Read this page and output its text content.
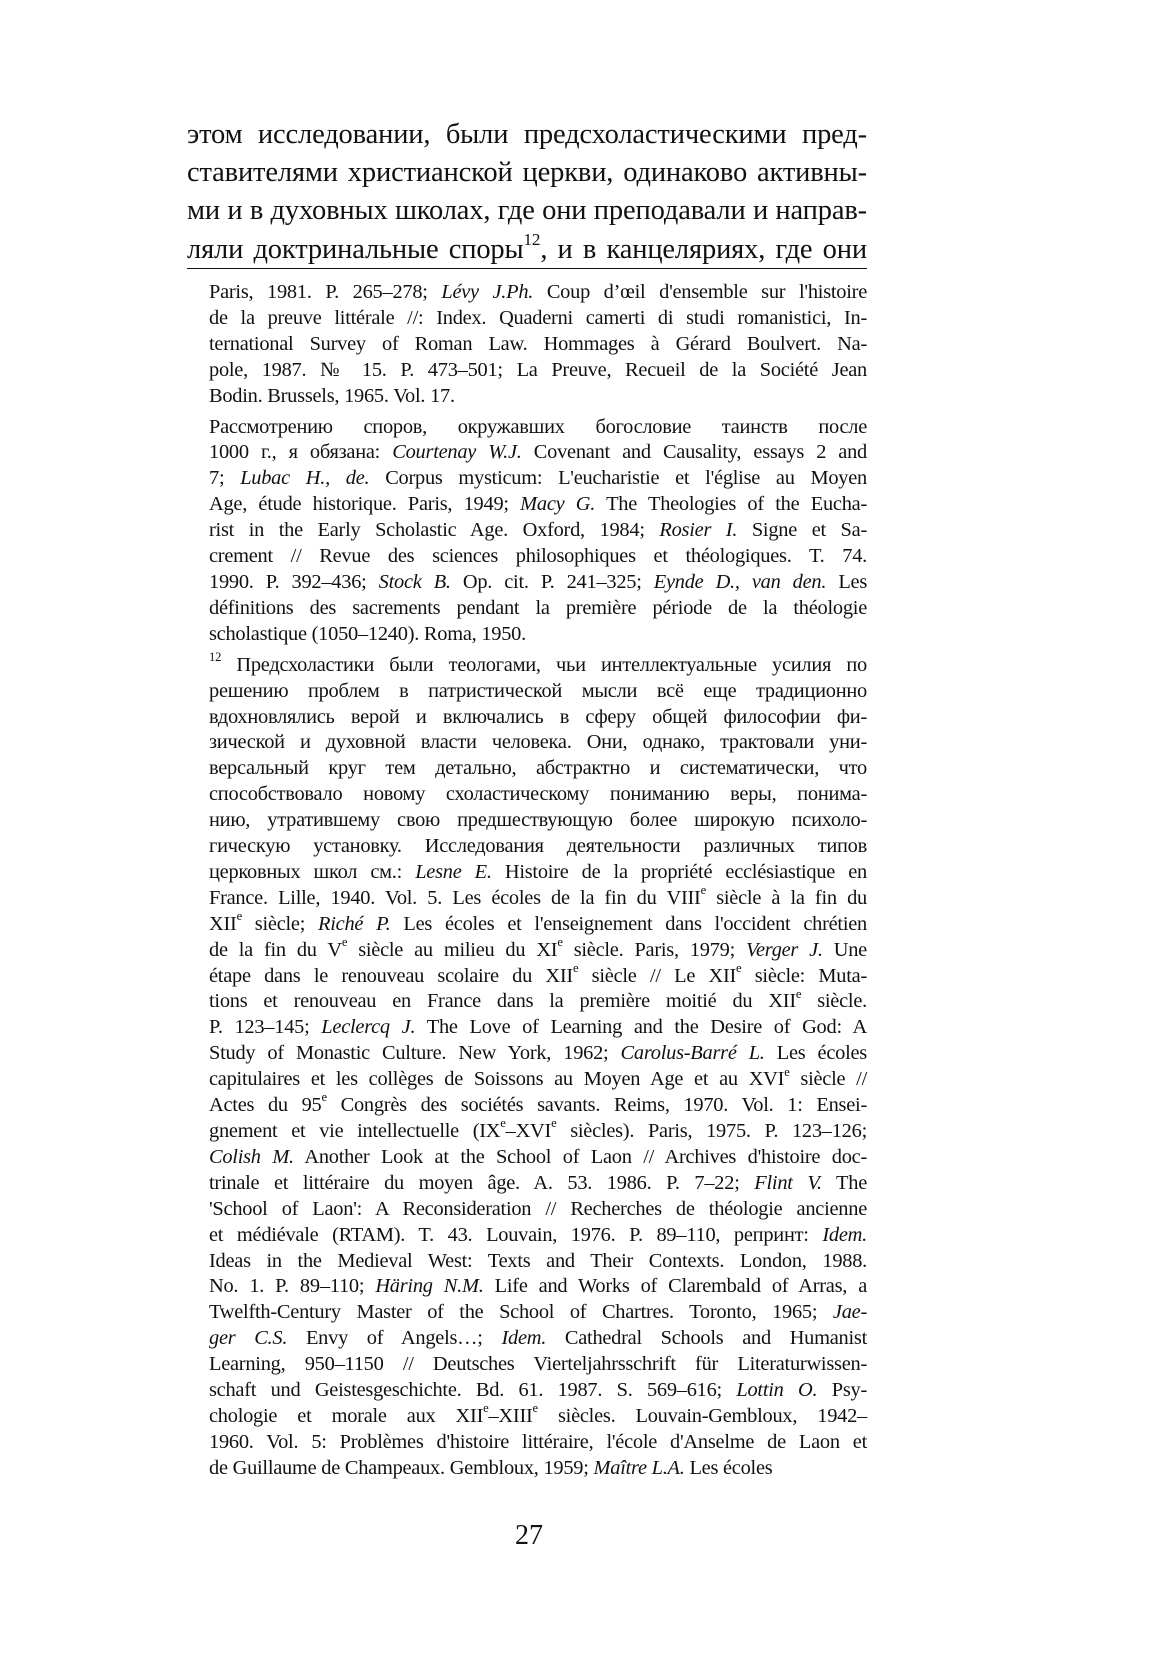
этом исследовании, были предсхоластическими пред-
ставителями христианской церкви, одинаково активны-
ми и в духовных школах, где они преподавали и направ-
ляли доктринальные споры$^{12}$, и в канцеляриях, где они
Paris, 1981. P. 265–278; Lévy J.Ph. Coup d’œil d'ensemble sur l'histoire
de la preuve littérale //: Index. Quaderni camerti di studi romanistici, In-
ternational Survey of Roman Law. Hommages à Gérard Boulvert. Na-
pole, 1987. № 15. P. 473–501; La Preuve, Recueil de la Société Jean
Bodin. Brussels, 1965. Vol. 17.
Рассмотрению споров, окружавших богословие таинств после
1000 г., я обязана: Courtenay W.J. Covenant and Causality, essays 2 and
7; Lubac H., de. Corpus mysticum: L'eucharistie et l'église au Moyen
Age, étude historique. Paris, 1949; Macy G. The Theologies of the Eucha-
rist in the Early Scholastic Age. Oxford, 1984; Rosier I. Signe et Sa-
crement // Revue des sciences philosophiques et théologiques. T. 74.
1990. P. 392–436; Stock B. Op. cit. P. 241–325; Eynde D., van den. Les
définitions des sacrements pendant la première période de la théologie
scholastique (1050–1240). Roma, 1950.
$^{12}$ Предсхоластики были теологами, чьи интеллектуальные усилия по
решению проблем в патристической мысли всё еще традиционно
вдохновлялись верой и включались в сферу общей философии фи-
зической и духовной власти человека. Они, однако, трактовали уни-
версальный круг тем детально, абстрактно и систематически, что
способствовало новому схоластическому пониманию веры, понима-
нию, утратившему свою предшествующую более широкую психоло-
гическую установку. Исследования деятельности различных типов
церковных школ см.: Lesne E. Histoire de la propriété ecclésiastique en
France. Lille, 1940. Vol. 5. Les écoles de la fin du VIIIe siècle à la fin du
XIIe siècle; Riché P. Les écoles et l'enseignement dans l'occident chrétien
de la fin du Ve siècle au milieu du XIe siècle. Paris, 1979; Verger J. Une
étape dans le renouveau scolaire du XIIe siècle // Le XIIe siècle: Muta-
tions et renouveau en France dans la première moitié du XIIe siècle.
P. 123–145; Leclercq J. The Love of Learning and the Desire of God: A
Study of Monastic Culture. New York, 1962; Carolus-Barré L. Les écoles
capitulaires et les collèges de Soissons au Moyen Age et au XVIe siècle //
Actes du 95e Congrès des sociétés savants. Reims, 1970. Vol. 1: Ensei-
gnement et vie intellectuelle (IXe–XVIe siècles). Paris, 1975. P. 123–126;
Colish M. Another Look at the School of Laon // Archives d'histoire doc-
trinale et littéraire du moyen âge. A. 53. 1986. P. 7–22; Flint V. The
'School of Laon': A Reconsideration // Recherches de théologie ancienne
et médiévale (RTAM). T. 43. Louvain, 1976. P. 89–110, репринт: Idem.
Ideas in the Medieval West: Texts and Their Contexts. London, 1988.
No. 1. P. 89–110; Häring N.M. Life and Works of Clarembald of Arras, a
Twelfth-Century Master of the School of Chartres. Toronto, 1965; Jae-
ger C.S. Envy of Angels…; Idem. Cathedral Schools and Humanist
Learning, 950–1150 // Deutsches Vierteljahrsschrift für Literaturwissen-
schaft und Geistesgeschichte. Bd. 61. 1987. S. 569–616; Lottin O. Psy-
chologie et morale aux XIIe–XIIIe siècles. Louvain-Gembloux, 1942–
1960. Vol. 5: Problèmes d'histoire littéraire, l'école d'Anselme de Laon et
de Guillaume de Champeaux. Gembloux, 1959; Maître L.A. Les écoles
27
